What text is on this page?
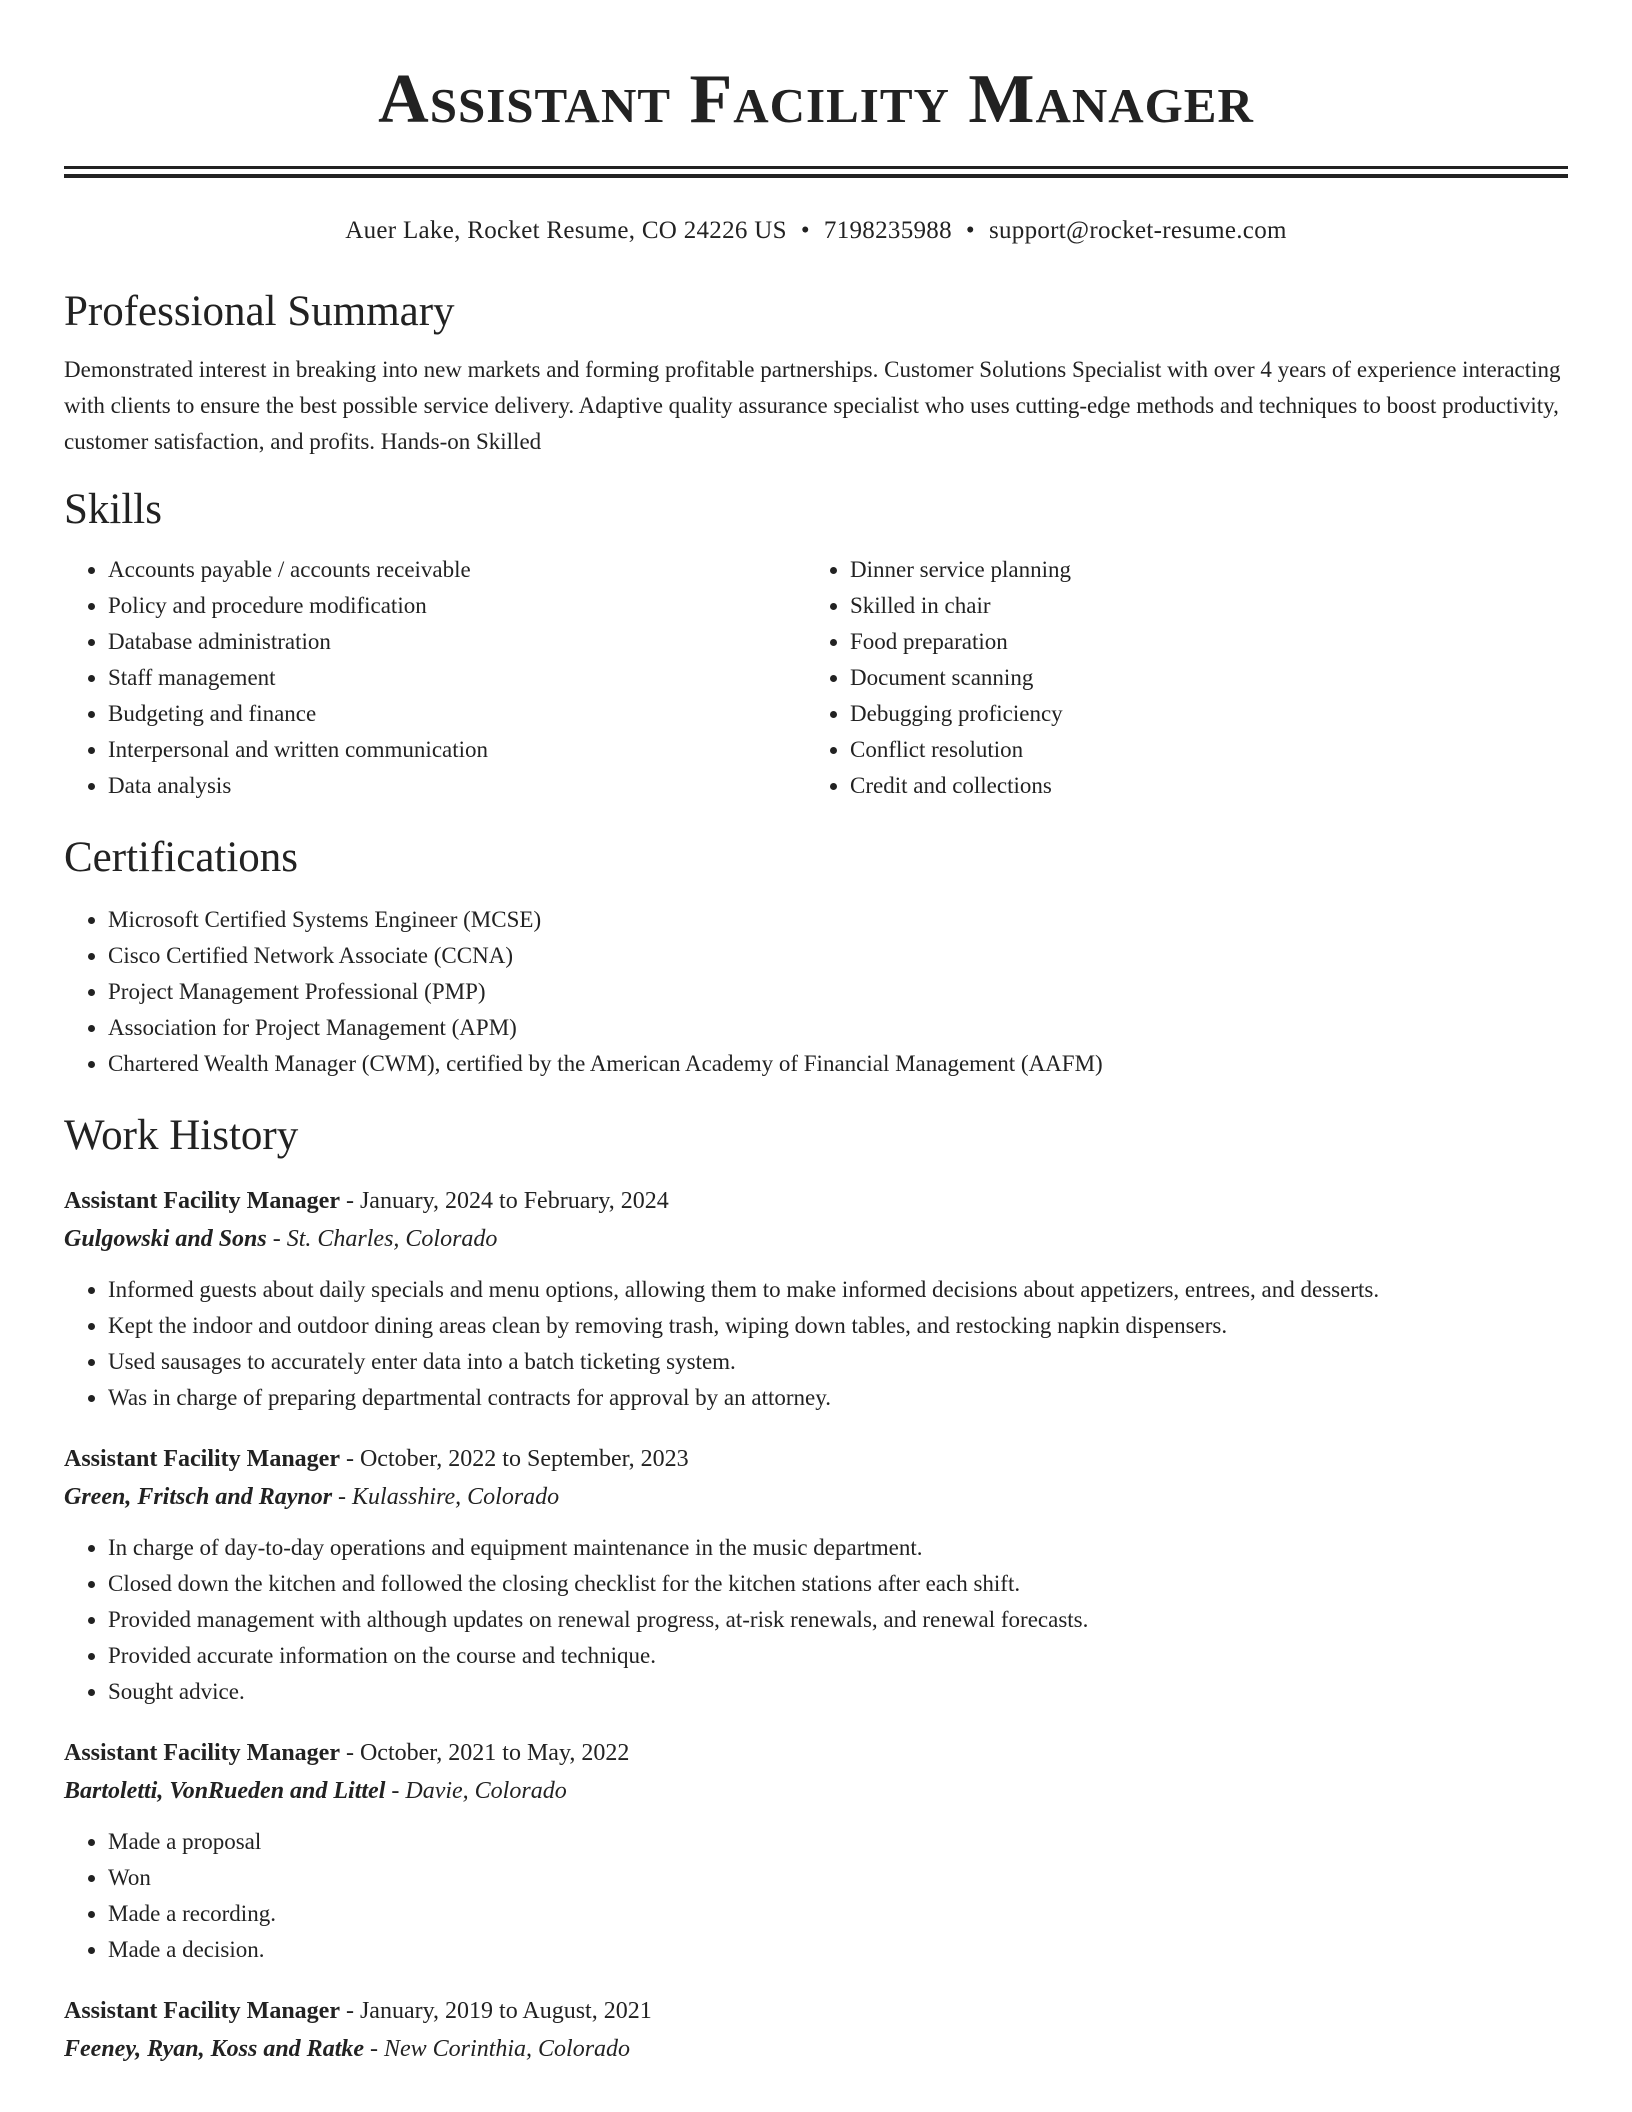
Assistant Facility Manager
Auer Lake, Rocket Resume, CO 24226 US • 7198235988 • support@rocket-resume.com
Professional Summary

Demonstrated interest in breaking into new markets and forming profitable partnerships. Customer Solutions Specialist with over 4 years of experience interacting with clients to ensure the best possible service delivery. Adaptive quality assurance specialist who uses cutting-edge methods and techniques to boost productivity, customer satisfaction, and profits. Hands-on Skilled

Skills
• Accounts payable / accounts receivable
• Policy and procedure modification
• Database administration
• Staff management
• Budgeting and finance
• Interpersonal and written communication
• Data analysis
• Dinner service planning
• Skilled in chair
• Food preparation
• Document scanning
• Debugging proficiency
• Conflict resolution
• Credit and collections
Certifications
• Microsoft Certified Systems Engineer (MCSE)
• Cisco Certified Network Associate (CCNA)
• Project Management Professional (PMP)
• Association for Project Management (APM)
• Chartered Wealth Manager (CWM), certified by the American Academy of Financial Management (AAFM)
Work History
Assistant Facility Manager - January, 2024 to February, 2024
Gulgowski and Sons - St. Charles, Colorado
• Informed guests about daily specials and menu options, allowing them to make informed decisions about appetizers, entrees, and desserts.
• Kept the indoor and outdoor dining areas clean by removing trash, wiping down tables, and restocking napkin dispensers.
• Used sausages to accurately enter data into a batch ticketing system.
• Was in charge of preparing departmental contracts for approval by an attorney.
Assistant Facility Manager - October, 2022 to September, 2023
Green, Fritsch and Raynor - Kulasshire, Colorado
• In charge of day-to-day operations and equipment maintenance in the music department.
• Closed down the kitchen and followed the closing checklist for the kitchen stations after each shift.
• Provided management with although updates on renewal progress, at-risk renewals, and renewal forecasts.
• Provided accurate information on the course and technique.
• Sought advice.
Assistant Facility Manager - October, 2021 to May, 2022
Bartoletti, VonRueden and Littel - Davie, Colorado
• Made a proposal
• Won
• Made a recording.
• Made a decision.
Assistant Facility Manager - January, 2019 to August, 2021
Feeney, Ryan, Koss and Ratke - New Corinthia, Colorado
